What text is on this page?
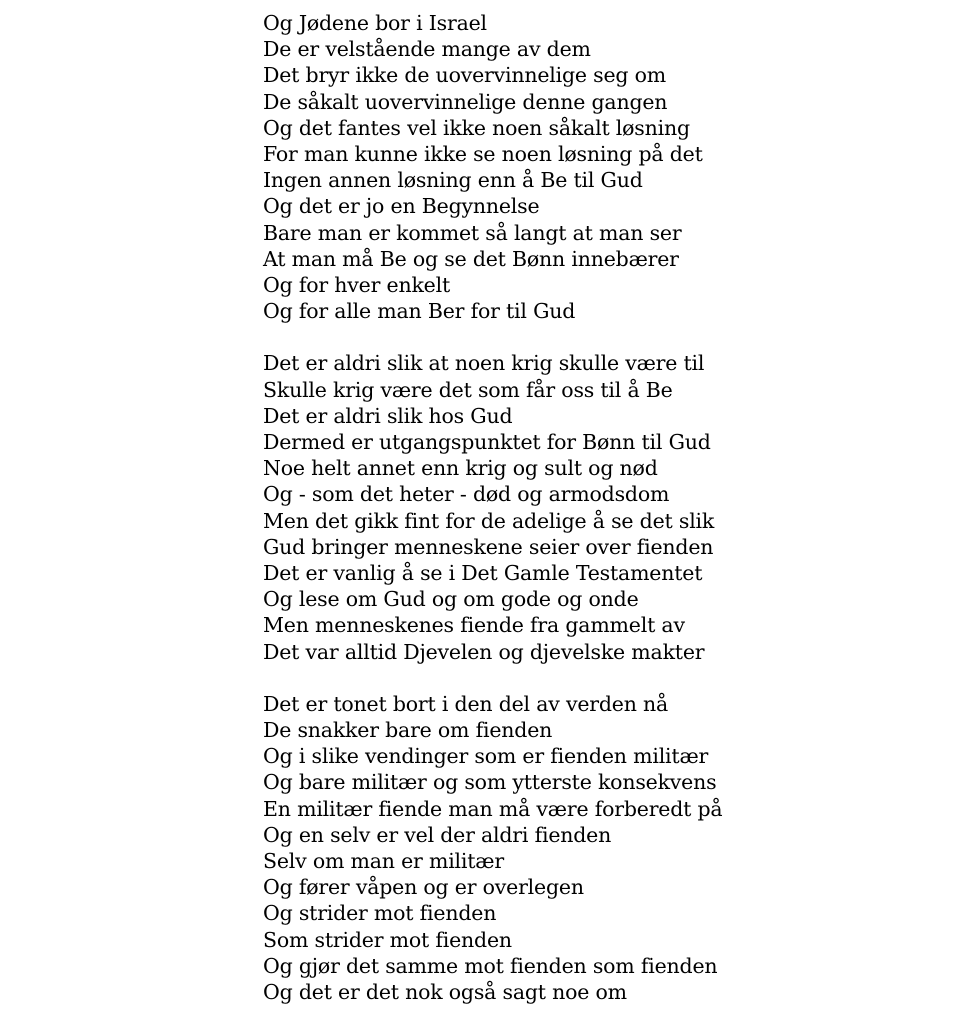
Og Jødene bor i Israel
De er velstående mange av dem
Det bryr ikke de uovervinnelige seg om
De såkalt uovervinnelige denne gangen
Og det fantes vel ikke noen såkalt løsning
For man kunne ikke se noen løsning på det
Ingen annen løsning enn å Be til Gud
Og det er jo en Begynnelse
Bare man er kommet så langt at man ser
At man må Be og se det Bønn innebærer
Og for hver enkelt
Og for alle man Ber for til Gud
Det er aldri slik at noen krig skulle være til
Skulle krig være det som får oss til å Be
Det er aldri slik hos Gud
Dermed er utgangspunktet for Bønn til Gud
Noe helt annet enn krig og sult og nød
Og - som det heter - død og armodsdom
Men det gikk fint for de adelige å se det slik
Gud bringer menneskene seier over fienden
Det er vanlig å se i Det Gamle Testamentet
Og lese om Gud og om gode og onde
Men menneskenes fiende fra gammelt av
Det var alltid Djevelen og djevelske makter
Det er tonet bort i den del av verden nå
De snakker bare om fienden
Og i slike vendinger som er fienden militær
Og bare militær og som ytterste konsekvens
En militær fiende man må være forberedt på
Og en selv er vel der aldri fienden
Selv om man er militær
Og fører våpen og er overlegen
Og strider mot fienden
Som strider mot fienden
Og gjør det samme mot fienden som fienden
Og det er det nok også sagt noe om
